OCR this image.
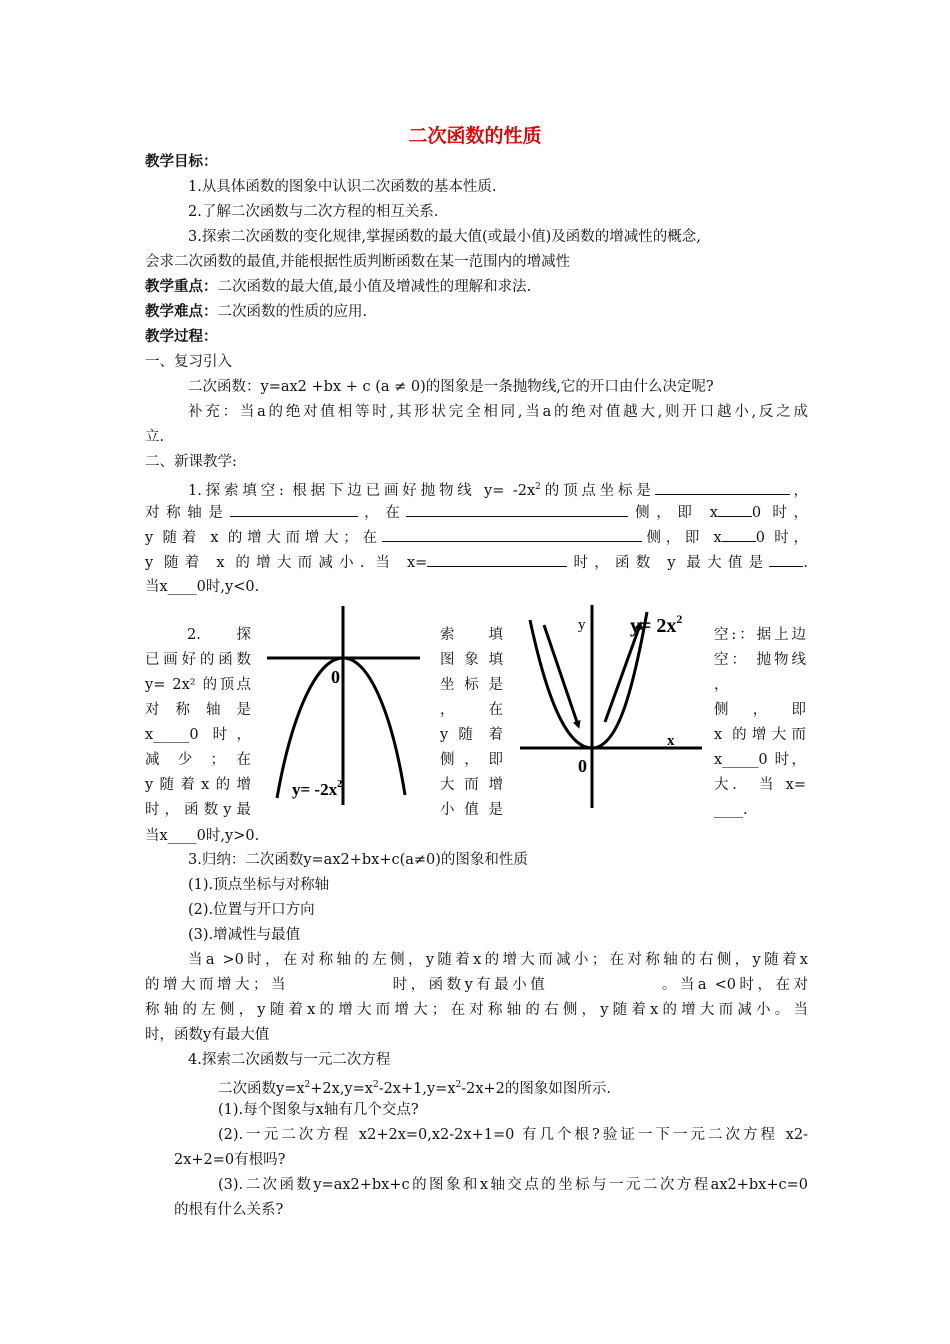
二次函数的性质
教学目标：
1.从具体函数的图象中认识二次函数的基本性质.
2.了解二次函数与二次方程的相互关系.
3.探索二次函数的变化规律,掌握函数的最大值(或最小值)及函数的增减性的概念,
会求二次函数的最值,并能根据性质判断函数在某一范围内的增减性
教学重点：二次函数的最大值,最小值及增减性的理解和求法.
教学难点：二次函数的性质的应用.
教学过程：
一、复习引入
二次函数：y=ax2 +bx + c (a ≠ 0)的图象是一条抛物线,它的开口由什么决定呢?
补充：当a的绝对值相等时,其形状完全相同,当a的绝对值越大,则开口越小,反之成
立.
二、新课教学:
1.探索填空: 根据下边已画好抛物线 $y= -2x^2$的顶点坐标是	，
对称轴是	，在	侧，即 x 0 时，
y 随着 x 的增大而增大；在	侧，即 x 0 时，
y 随着 x 的增大而减小. 当 x=	时，函数 y 最大值是 .
当x____0时,y<0.
2. 探
已画好的函数
y= 2x² 的顶点
对 称 轴 是
x_____0 时，
减 少 ； 在
y随着x的增
时，函数y最
当x____0时,y>0.
索 填
图 象 填
坐 标 是
， 在
y 随 着
侧，即
大 而 增
小 值 是
空:：据上边
空： 抛物线
，
侧 ， 即
x 的增大而
x_____0 时，
大． 当 x=
____.
0
$y= -2x^2$
y
x
0
$y= 2x^2$
3.归纳：二次函数y=ax2+bx+c(a≠0)的图象和性质
(1).顶点坐标与对称轴
(2).位置与开口方向
(3).增减性与最值
当a >0时，在对称轴的左侧，y随着x的增大而减小；在对称轴的右侧，y随着x
的增大而增大；当	时，函数y有最小值	。当a <0时，在对
称轴的左侧，y随着x的增大而增大；在对称轴的右侧，y随着x的增大而减小。当
时，函数y有最大值
4.探索二次函数与一元二次方程
二次函数$y=x^2+2x,y=x^2-2x+1,y=x^2-2x+2$的图象如图所示.
(1).每个图象与x轴有几个交点?
(2).一元二次方程 x2+2x=0,x2-2x+1=0 有几个根?验证一下一元二次方程 x2-
2x+2=0有根吗?
(3).二次函数y=ax2+bx+c的图象和x轴交点的坐标与一元二次方程ax2+bx+c=0
的根有什么关系?
